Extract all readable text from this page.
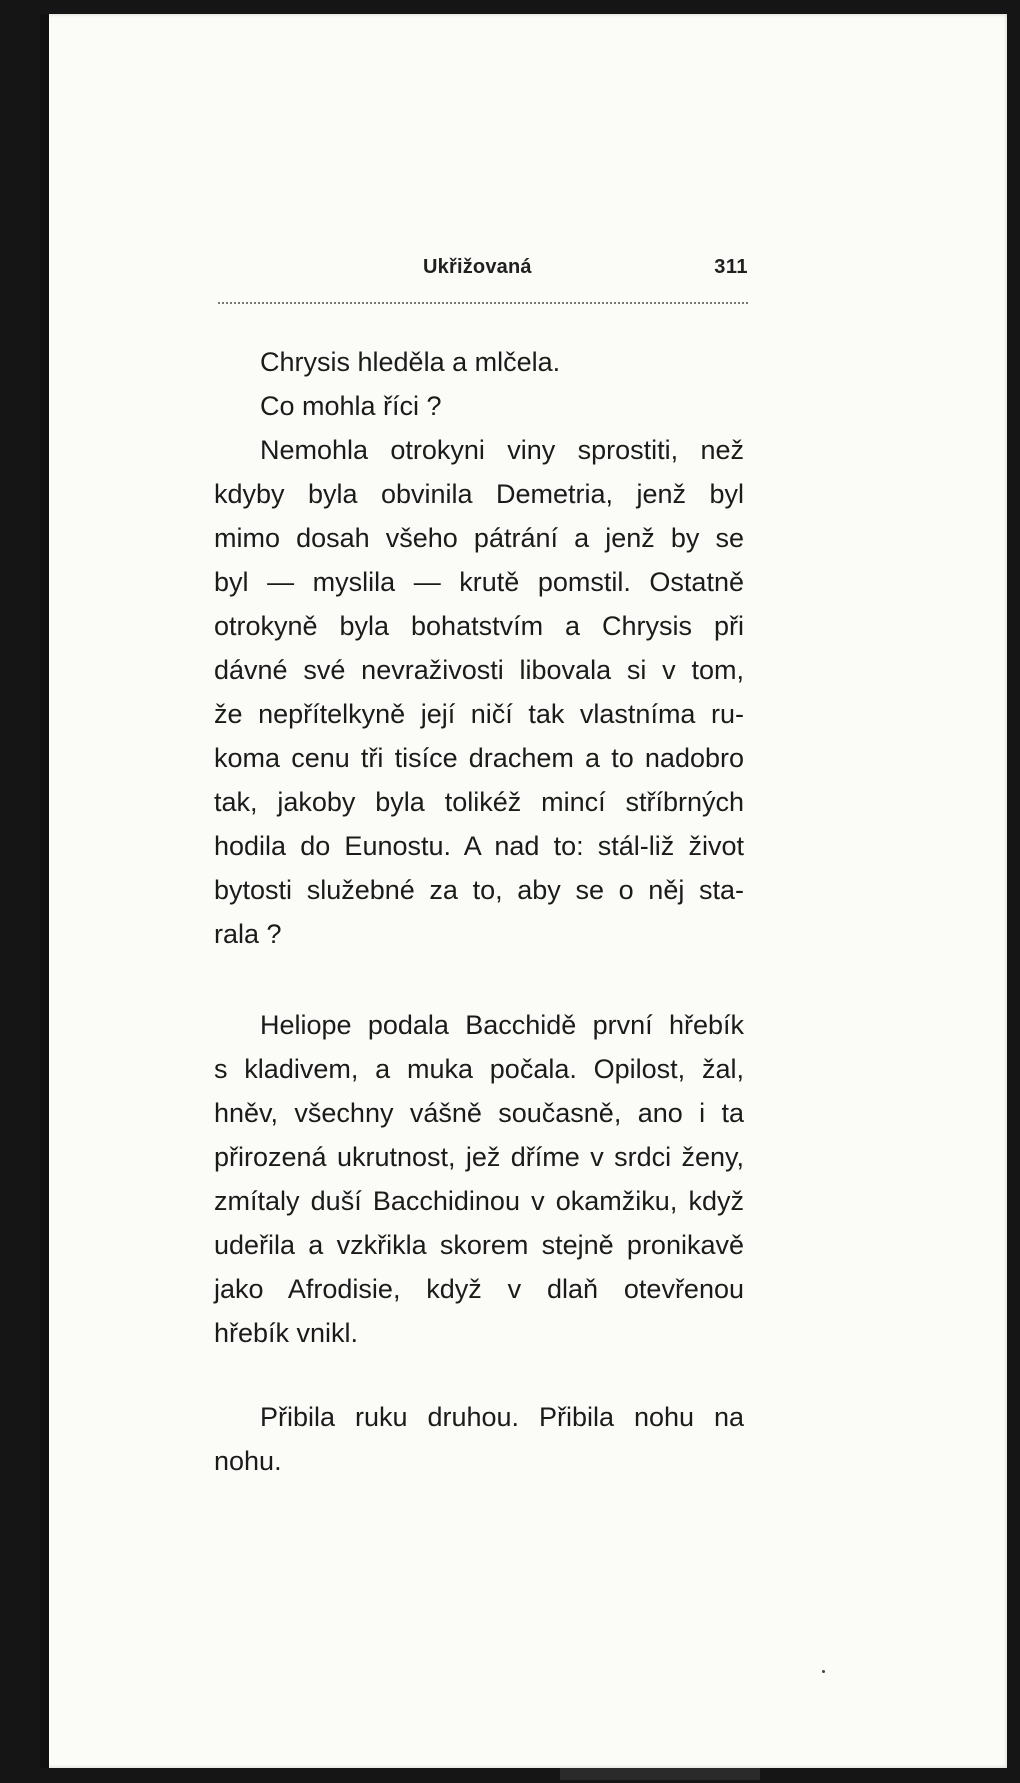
Ukřižovaná	311
Chrysis hleděla a mlčela.
Co mohla říci ?
Nemohla otrokyni viny sprostiti, než
kdyby byla obvinila Demetria, jenž byl
mimo dosah všeho pátrání a jenž by se
byl — myslila — krutě pomstil. Ostatně
otrokyně byla bohatstvím a Chrysis při
dávné své nevraživosti libovala si v tom,
že nepřítelkyně její ničí tak vlastníma ru-
koma cenu tři tisíce drachem a to nadobro
tak, jakoby byla tolikéž mincí stříbrných
hodila do Eunostu. A nad to: stál-liž život
bytosti služebné za to, aby se o něj sta-
rala ?
Heliope podala Bacchidě první hřebík
s kladivem, a muka počala. Opilost, žal,
hněv, všechny vášně současně, ano i ta
přirozená ukrutnost, jež dříme v srdci ženy,
zmítaly duší Bacchidinou v okamžiku, když
udeřila a vzkřikla skorem stejně pronikavě
jako Afrodisie, když v dlaň otevřenou
hřebík vnikl.
Přibila ruku druhou. Přibila nohu na
nohu.
